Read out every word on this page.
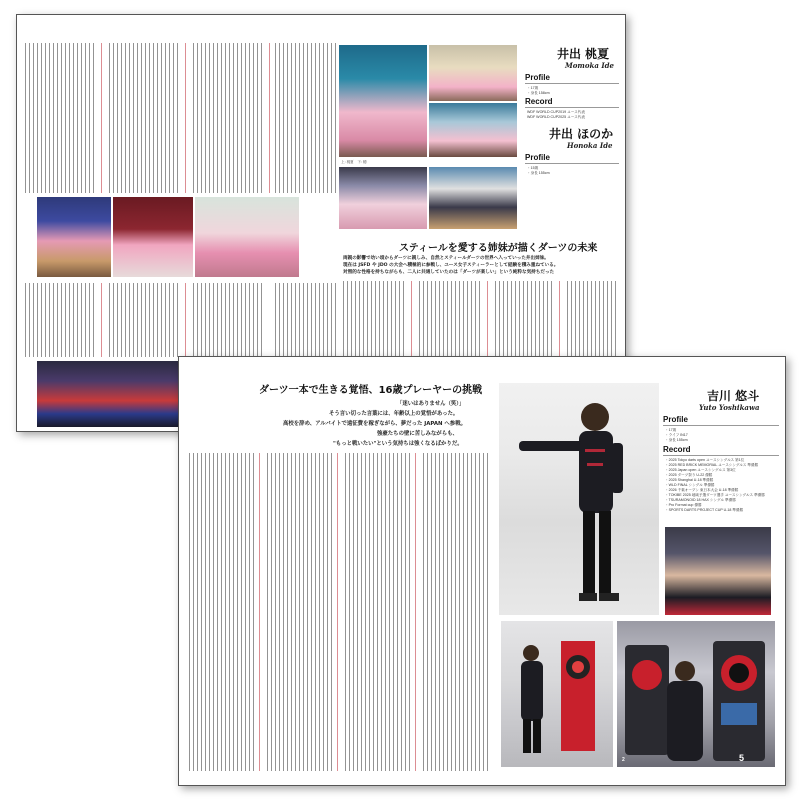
上: 桃夏　下: 穂
井出 桃夏
Momoka Ide
Profile
・17歳
・身長 158cm
Record
WDF WORLD CUP2019 ユース代表
WDF WORLD CUP2025 ユース代表
井出 ほのか
Honoka Ide
Profile
・15歳
・身長 155cm
スティールを愛する姉妹が描くダーツの未来
両親の影響で幼い頃からダーツに親しみ、自然とスティールダーツの世界へ入っていった井出姉妹。
現在は JSFD や JDO の大会へ積極的に参戦し、ユース女子スティーラーとして経験を積み重ねている。
対照的な性格を持ちながらも、二人に共通していたのは「ダーツが楽しい」という純粋な気持ちだった
ダーツ一本で生きる覚悟、16歳プレーヤーの挑戦
「迷いはありません（笑）」
そう言い切った言葉には、年齢以上の覚悟があった。
高校を辞め、アルバイトで遠征費を稼ぎながら、夢だった JAPAN へ参戦。
強豪たちの壁に苦しみながらも、
"もっと戦いたい"という気持ちは強くなるばかりだ。
吉川 悠斗
Yuto Yoshikawa
Profile
・17歳
・ライフ IN17
・身長 155cm
Record
・2025 Tokyo darts open ユースシングルス 第1位
・2025 RED BRICK MEMORIAL ユースシングルス 準優勝
・2025 Japan open ユースシングルス 第3位
・2025 ダーツ祭り U-22 優勝
・2025 Shanghai U-18 準優勝
・WLD FINAL シングル 準優勝
・2026 千葉オープン 東日本大会 U-18 準優勝
・TOKIBE 2025 地域予選ダーツ選手 ユースシングルス 準優勝
・TSURAMONOID 18 HAX シングル 準優勝
・Pro Format cup 優勝
・SPORTS DARTS PROJECT CUP U-18 準優勝
2	5
